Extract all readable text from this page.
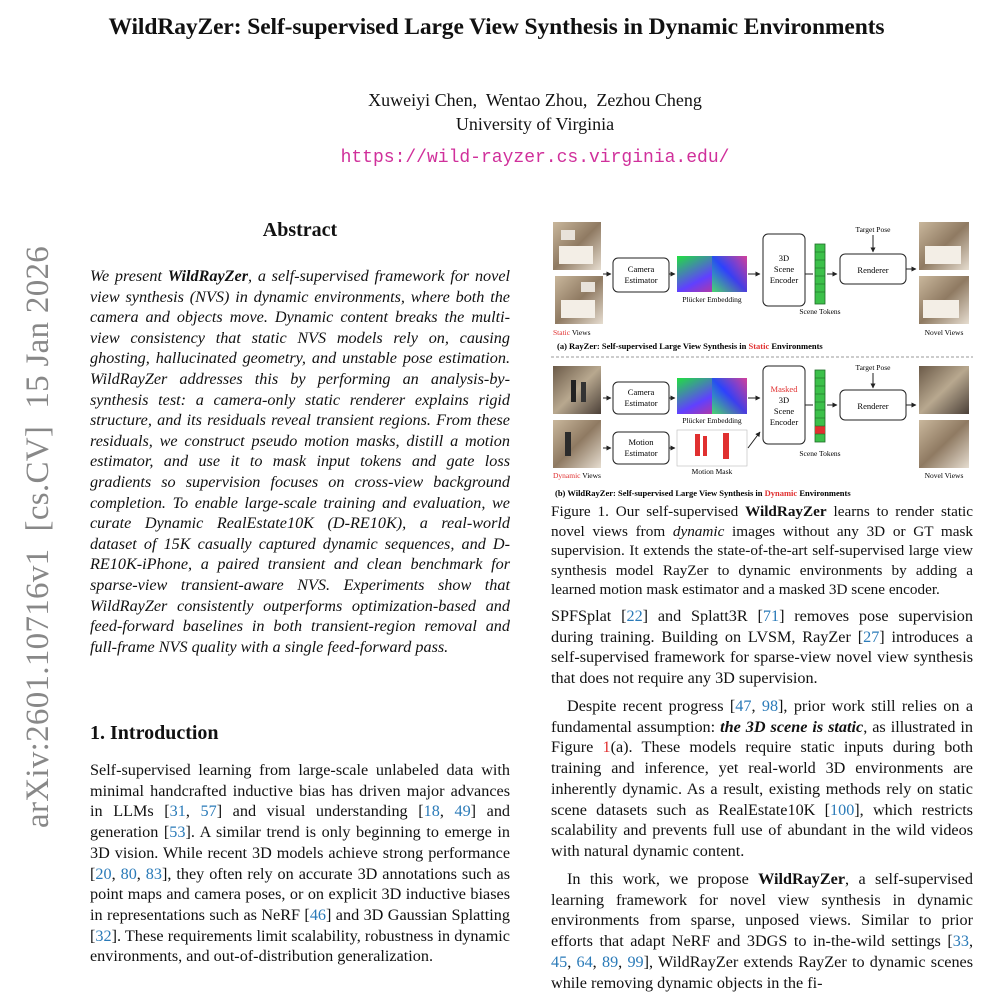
WildRayZer: Self-supervised Large View Synthesis in Dynamic Environments
Xuweiyi Chen,  Wentao Zhou,  Zezhou Cheng
University of Virginia
https://wild-rayzer.cs.virginia.edu/
arXiv:2601.10716v1  [cs.CV]  15 Jan 2026
Abstract
We present WildRayZer, a self-supervised framework for novel view synthesis (NVS) in dynamic environments, where both the camera and objects move. Dynamic content breaks the multi-view consistency that static NVS models rely on, causing ghosting, hallucinated geometry, and unstable pose estimation. WildRayZer addresses this by performing an analysis-by-synthesis test: a camera-only static renderer explains rigid structure, and its residuals reveal transient regions. From these residuals, we construct pseudo motion masks, distill a motion estimator, and use it to mask input tokens and gate loss gradients so supervision focuses on cross-view background completion. To enable large-scale training and evaluation, we curate Dynamic RealEstate10K (D-RE10K), a real-world dataset of 15K casually captured dynamic sequences, and D-RE10K-iPhone, a paired transient and clean benchmark for sparse-view transient-aware NVS. Experiments show that WildRayZer consistently outperforms optimization-based and feed-forward baselines in both transient-region removal and full-frame NVS quality with a single feed-forward pass.
1. Introduction
Self-supervised learning from large-scale unlabeled data with minimal handcrafted inductive bias has driven major advances in LLMs [31, 57] and visual understanding [18, 49] and generation [53]. A similar trend is only beginning to emerge in 3D vision. While recent 3D models achieve strong performance [20, 80, 83], they often rely on accurate 3D annotations such as point maps and camera poses, or on explicit 3D inductive biases in representations such as NeRF [46] and 3D Gaussian Splatting [32]. These requirements limit scalability, robustness in dynamic environments, and out-of-distribution generalization.
Static Views
Camera
Estimator
Plücker Embedding
3D
Scene
Encoder
Scene Tokens
Target Pose
Renderer
Novel Views
(a) RayZer: Self-supervised Large View Synthesis in Static Environments
Dynamic Views
Camera
Estimator
Plücker Embedding
Motion
Estimator
Motion Mask
Masked
3D
Scene
Encoder
Scene Tokens
Target Pose
Renderer
Novel Views
(b) WildRayZer: Self-supervised Large View Synthesis in Dynamic Environments
Figure 1. Our self-supervised WildRayZer learns to render static novel views from dynamic images without any 3D or GT mask supervision. It extends the state-of-the-art self-supervised large view synthesis model RayZer to dynamic environments by adding a learned motion mask estimator and a masked 3D scene encoder.
SPFSplat [22] and Splatt3R [71] removes pose supervision during training. Building on LVSM, RayZer [27] introduces a self-supervised framework for sparse-view novel view synthesis that does not require any 3D supervision.
Despite recent progress [47, 98], prior work still relies on a fundamental assumption: the 3D scene is static, as illustrated in Figure 1(a). These models require static inputs during both training and inference, yet real-world 3D environments are inherently dynamic. As a result, existing methods rely on static scene datasets such as RealEstate10K [100], which restricts scalability and prevents full use of abundant in the wild videos with natural dynamic content.
In this work, we propose WildRayZer, a self-supervised learning framework for novel view synthesis in dynamic environments from sparse, unposed views. Similar to prior efforts that adapt NeRF and 3DGS to in-the-wild settings [33, 45, 64, 89, 99], WildRayZer extends RayZer to dynamic scenes while removing dynamic objects in the fi-
